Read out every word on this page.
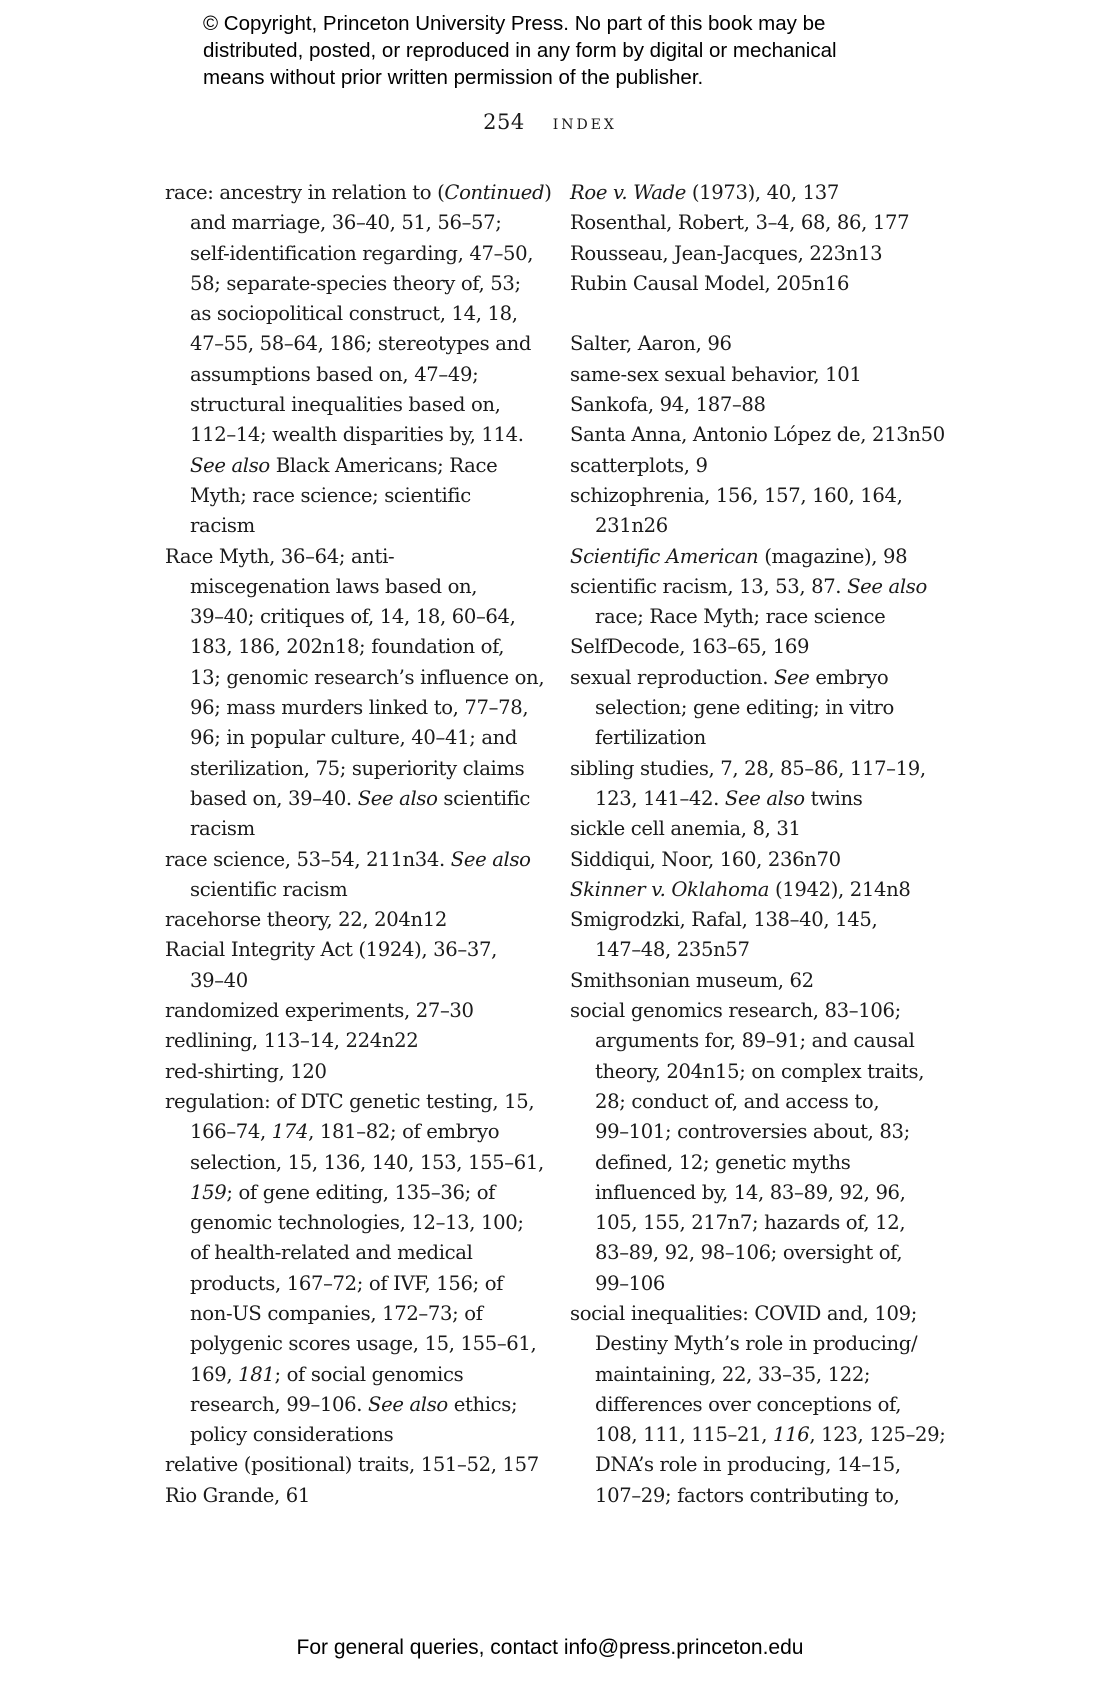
© Copyright, Princeton University Press. No part of this book may be
distributed, posted, or reproduced in any form by digital or mechanical
means without prior written permission of the publisher.
254 index
race: ancestry in relation to (Continued)
and marriage, 36–40, 51, 56–57;
self-identification regarding, 47–50,
58; separate-species theory of, 53;
as sociopolitical construct, 14, 18,
47–55, 58–64, 186; stereotypes and
assumptions based on, 47–49;
structural inequalities based on,
112–14; wealth disparities by, 114.
See also Black Americans; Race
Myth; race science; scientific
racism
Race Myth, 36–64; anti-
miscegenation laws based on,
39–40; critiques of, 14, 18, 60–64,
183, 186, 202n18; foundation of,
13; genomic research’s influence on,
96; mass murders linked to, 77–78,
96; in popular culture, 40–41; and
sterilization, 75; superiority claims
based on, 39–40. See also scientific
racism
race science, 53–54, 211n34. See also
scientific racism
racehorse theory, 22, 204n12
Racial Integrity Act (1924), 36–37,
39–40
randomized experiments, 27–30
redlining, 113–14, 224n22
red-shirting, 120
regulation: of DTC genetic testing, 15,
166–74, 174, 181–82; of embryo
selection, 15, 136, 140, 153, 155–61,
159; of gene editing, 135–36; of
genomic technologies, 12–13, 100;
of health-related and medical
products, 167–72; of IVF, 156; of
non-US companies, 172–73; of
polygenic scores usage, 15, 155–61,
169, 181; of social genomics
research, 99–106. See also ethics;
policy considerations
relative (positional) traits, 151–52, 157
Rio Grande, 61
Roe v. Wade (1973), 40, 137
Rosenthal, Robert, 3–4, 68, 86, 177
Rousseau, Jean-Jacques, 223n13
Rubin Causal Model, 205n16
Salter, Aaron, 96
same-sex sexual behavior, 101
Sankofa, 94, 187–88
Santa Anna, Antonio López de, 213n50
scatterplots, 9
schizophrenia, 156, 157, 160, 164,
231n26
Scientific American (magazine), 98
scientific racism, 13, 53, 87. See also
race; Race Myth; race science
SelfDecode, 163–65, 169
sexual reproduction. See embryo
selection; gene editing; in vitro
fertilization
sibling studies, 7, 28, 85–86, 117–19,
123, 141–42. See also twins
sickle cell anemia, 8, 31
Siddiqui, Noor, 160, 236n70
Skinner v. Oklahoma (1942), 214n8
Smigrodzki, Rafal, 138–40, 145,
147–48, 235n57
Smithsonian museum, 62
social genomics research, 83–106;
arguments for, 89–91; and causal
theory, 204n15; on complex traits,
28; conduct of, and access to,
99–101; controversies about, 83;
defined, 12; genetic myths
influenced by, 14, 83–89, 92, 96,
105, 155, 217n7; hazards of, 12,
83–89, 92, 98–106; oversight of,
99–106
social inequalities: COVID and, 109;
Destiny Myth’s role in producing/
maintaining, 22, 33–35, 122;
differences over conceptions of,
108, 111, 115–21, 116, 123, 125–29;
DNA’s role in producing, 14–15,
107–29; factors contributing to,
For general queries, contact info@press.princeton.edu
